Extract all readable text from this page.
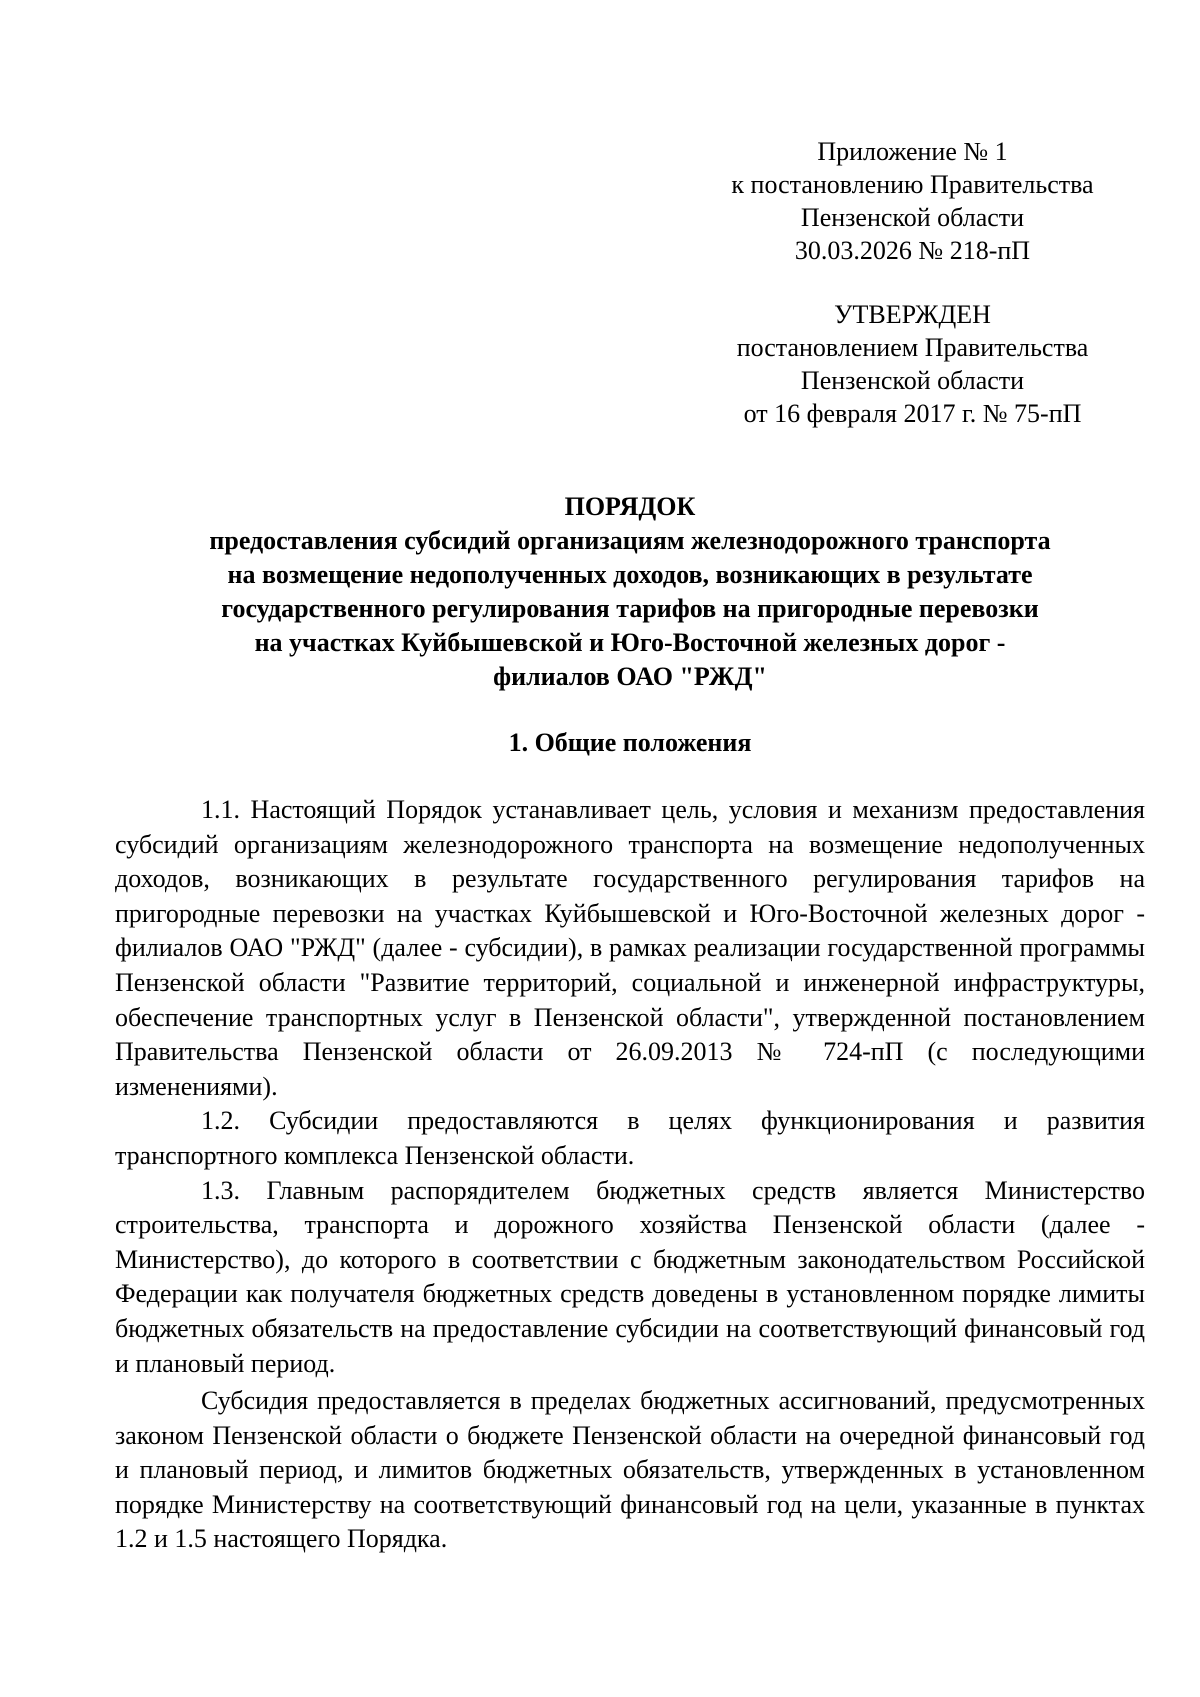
Приложение № 1
к постановлению Правительства
Пензенской области
30.03.2026 № 218-пП
УТВЕРЖДЕН
постановлением Правительства
Пензенской области
от 16 февраля 2017 г. № 75-пП
ПОРЯДОК
предоставления субсидий организациям железнодорожного транспорта
на возмещение недополученных доходов, возникающих в результате
государственного регулирования тарифов на пригородные перевозки
на участках Куйбышевской и Юго-Восточной железных дорог -
филиалов ОАО "РЖД"
1. Общие положения

1.1. Настоящий Порядок устанавливает цель, условия и механизм предоставления субсидий организациям железнодорожного транспорта на возмещение недополученных доходов, возникающих в результате государственного регулирования тарифов на пригородные перевозки на участках Куйбышевской и Юго-Восточной железных дорог - филиалов ОАО "РЖД" (далее - субсидии), в рамках реализации государственной программы Пензенской области "Развитие территорий, социальной и инженерной инфраструктуры, обеспечение транспортных услуг в Пензенской области", утвержденной постановлением Правительства Пензенской области от 26.09.2013 № 724-пП (с последующими изменениями).

1.2. Субсидии предоставляются в целях функционирования и развития транспортного комплекса Пензенской области.

1.3. Главным распорядителем бюджетных средств является Министерство строительства, транспорта и дорожного хозяйства Пензенской области (далее - Министерство), до которого в соответствии с бюджетным законодательством Российской Федерации как получателя бюджетных средств доведены в установленном порядке лимиты бюджетных обязательств на предоставление субсидии на соответствующий финансовый год и плановый период.

Субсидия предоставляется в пределах бюджетных ассигнований, предусмотренных законом Пензенской области о бюджете Пензенской области на очередной финансовый год и плановый период, и лимитов бюджетных обязательств, утвержденных в установленном порядке Министерству на соответствующий финансовый год на цели, указанные в пунктах 1.2 и 1.5 настоящего Порядка.
